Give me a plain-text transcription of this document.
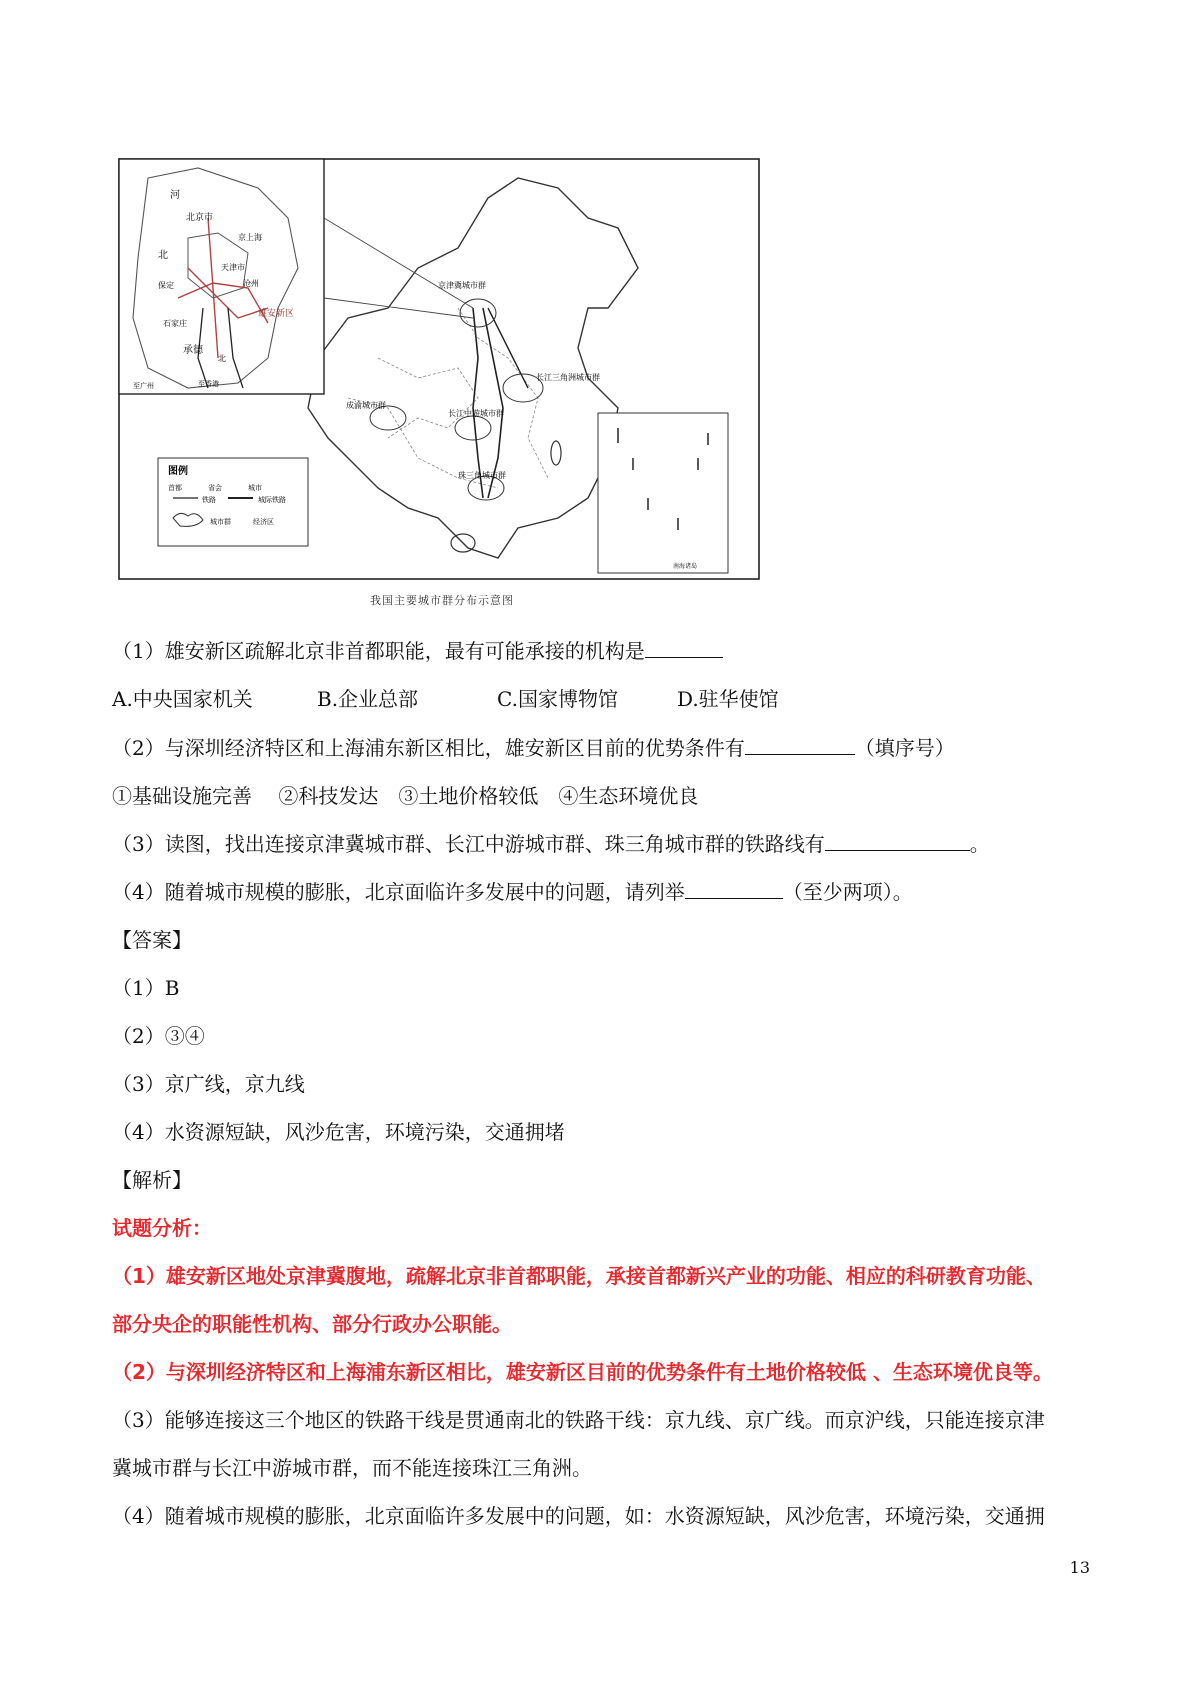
河
北京市
京上海
天津市
北
保定
雄安新区
石家庄
沧州
承德
北
至广州	至香港
京津冀城市群
长江三角洲城市群
成渝城市群
长江中游城市群
珠三角城市群
图例
首都	省会	城市
铁路	城际铁路
城市群	经济区
南海诸岛
我国主要城市群分布示意图
（1）雄安新区疏解北京非首都职能，最有可能承接的机构是
A.中央国家机关	B.企业总部	C.国家博物馆	D.驻华使馆
（2）与深圳经济特区和上海浦东新区相比，雄安新区目前的优势条件有	（填序号）
①基础设施完善　 ②科技发达　③土地价格较低　④生态环境优良
（3）读图，找出连接京津冀城市群、长江中游城市群、珠三角城市群的铁路线有	。
（4）随着城市规模的膨胀，北京面临许多发展中的问题，请列举	（至少两项）。
【答案】
（1）B
（2）③④
（3）京广线，京九线
（4）水资源短缺，风沙危害，环境污染，交通拥堵
【解析】
试题分析：
（1）雄安新区地处京津冀腹地，疏解北京非首都职能，承接首都新兴产业的功能、相应的科研教育功能、
部分央企的职能性机构、部分行政办公职能。
（2）与深圳经济特区和上海浦东新区相比，雄安新区目前的优势条件有土地价格较低 、生态环境优良等。
（3）能够连接这三个地区的铁路干线是贯通南北的铁路干线：京九线、京广线。而京沪线，只能连接京津
冀城市群与长江中游城市群，而不能连接珠江三角洲。
（4）随着城市规模的膨胀，北京面临许多发展中的问题，如：水资源短缺，风沙危害，环境污染，交通拥
13
